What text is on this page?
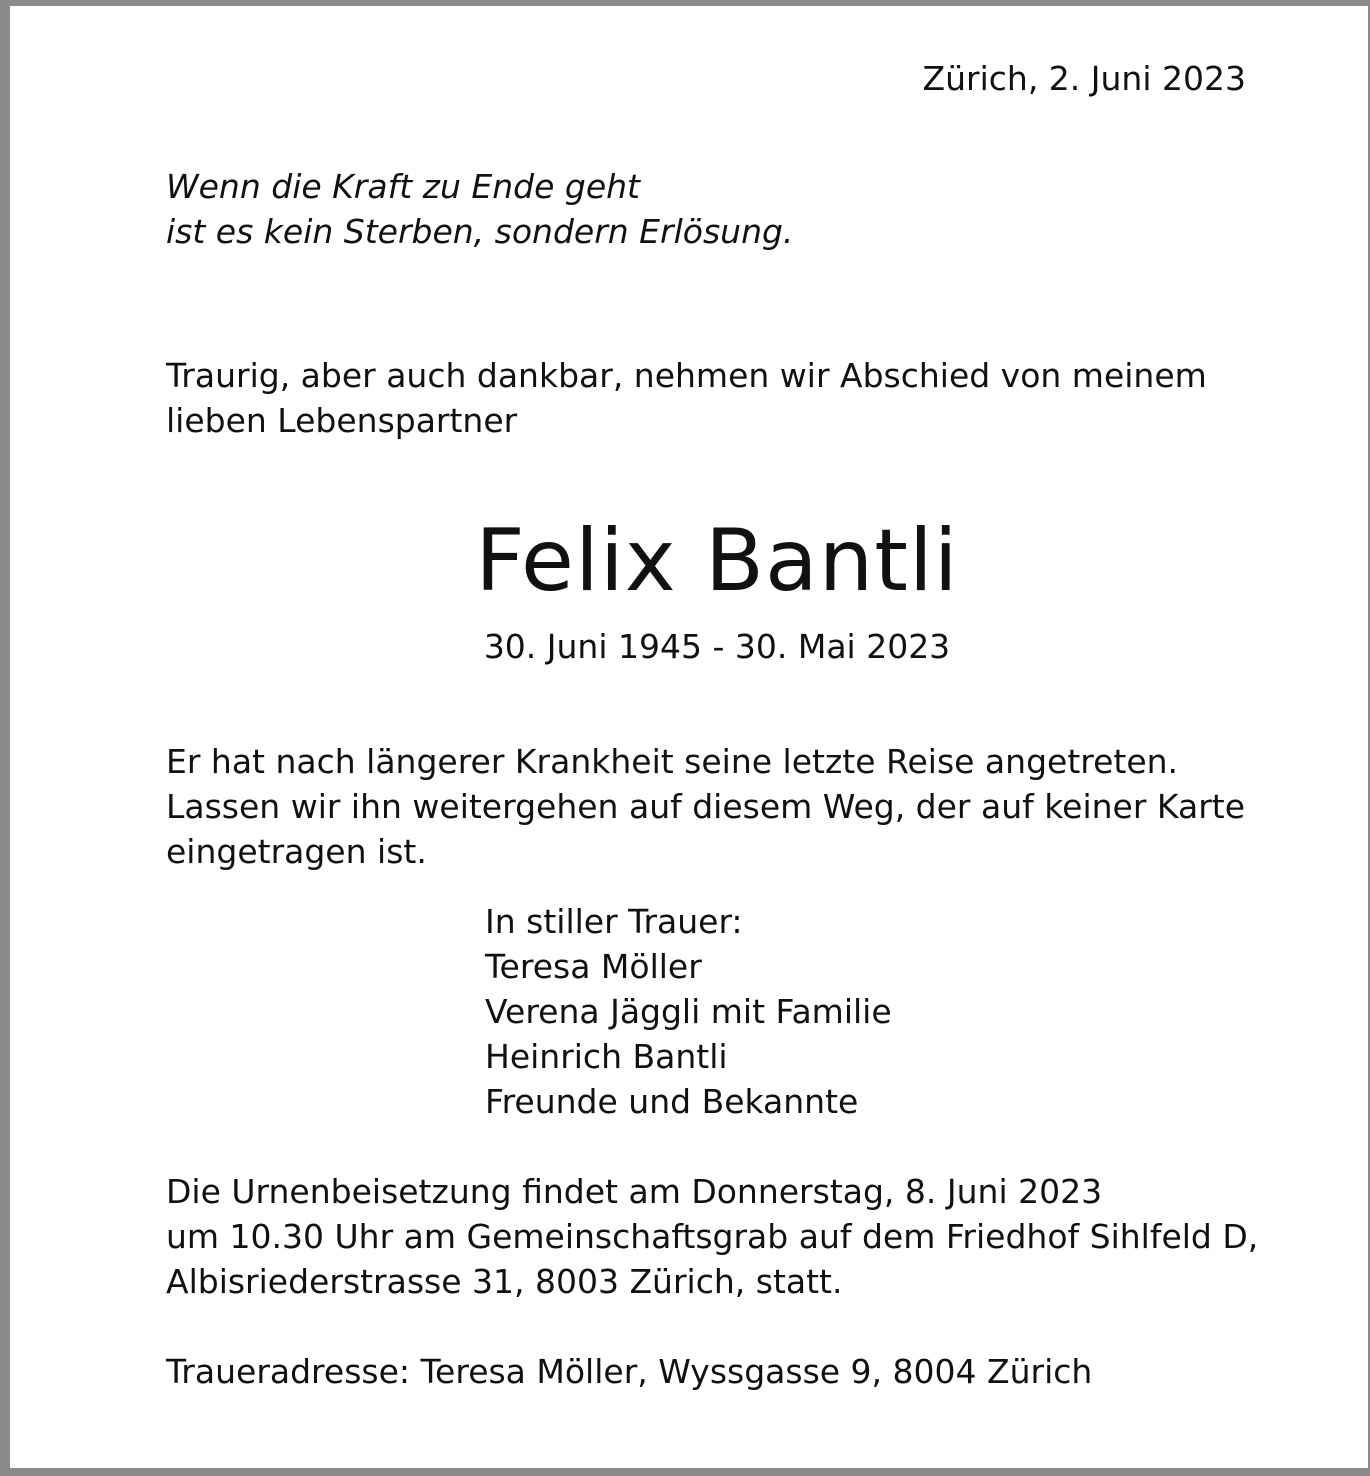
Zürich, 2. Juni 2023

Wenn die Kraft zu Ende geht
ist es kein Sterben, sondern Erlösung.

Traurig, aber auch dankbar, nehmen wir Abschied von meinem
lieben Lebenspartner

Felix Bantli

30. Juni 1945 - 30. Mai 2023

Er hat nach längerer Krankheit seine letzte Reise angetreten.
Lassen wir ihn weitergehen auf diesem Weg, der auf keiner Karte
eingetragen ist.

In stiller Trauer:
Teresa Möller
Verena Jäggli mit Familie
Heinrich Bantli
Freunde und Bekannte

Die Urnenbeisetzung findet am Donnerstag, 8. Juni 2023
um 10.30 Uhr am Gemeinschaftsgrab auf dem Friedhof Sihlfeld D,
Albisriederstrasse 31, 8003 Zürich, statt.

Traueradresse: Teresa Möller, Wyssgasse 9, 8004 Zürich
